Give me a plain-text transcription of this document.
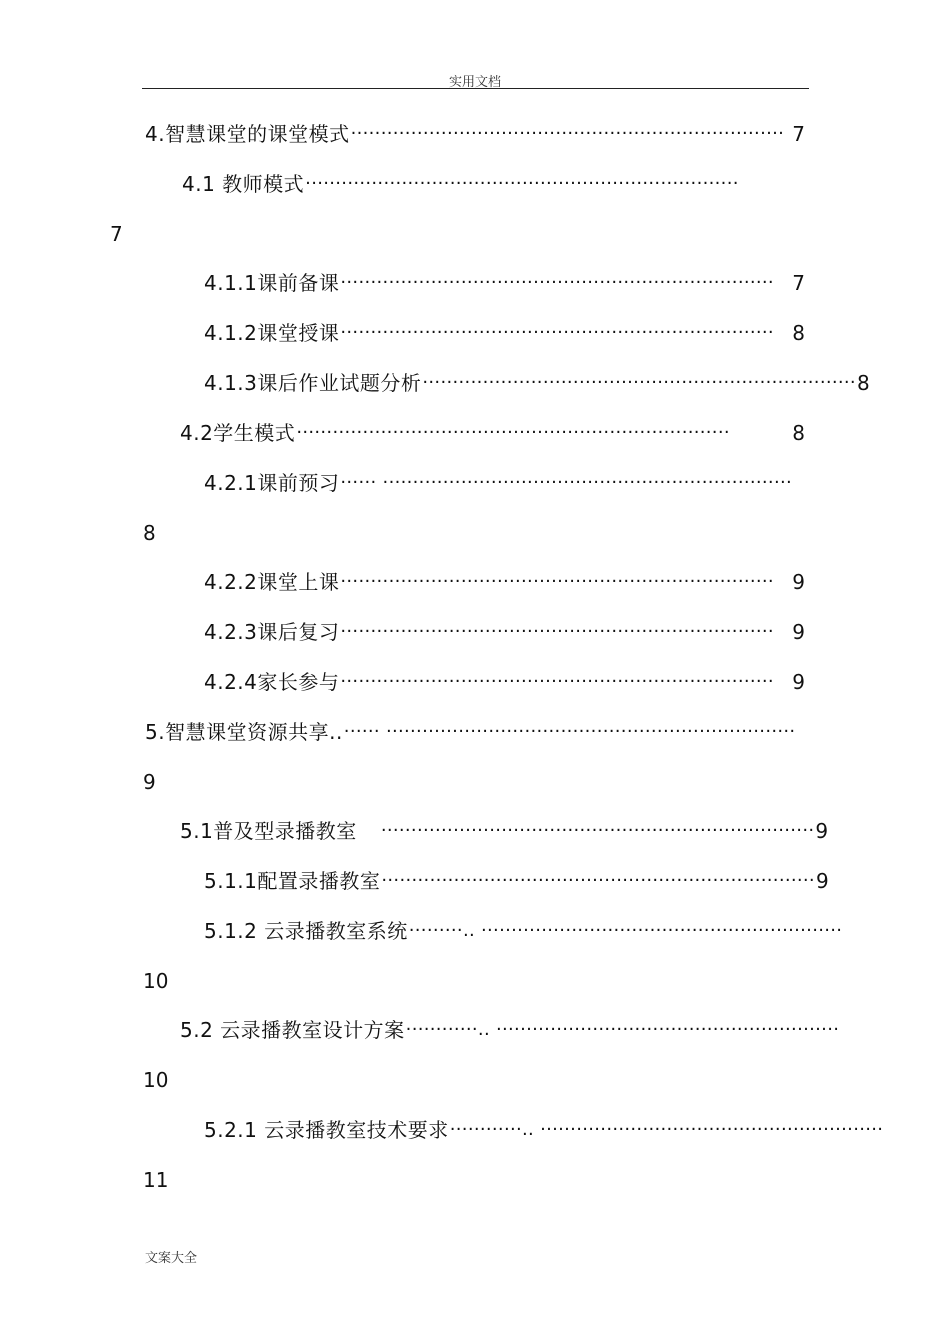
实用文档
4.智慧课堂的课堂模式 ········································································ 7
4.1 教师模式 ········································································
7
4.1.1课前备课 ········································································ 7
4.1.2课堂授课 ········································································ 8
4.1.3课后作业试题分析 ········································································ 8
4.2学生模式 ········································································	8
4.2.1课前预习 ······ ····································································
8
4.2.2课堂上课 ········································································ 9
4.2.3课后复习 ········································································ 9
4.2.4家长参与 ········································································ 9
5.智慧课堂资源共享.. ······ ····································································
9
5.1普及型录播教室 ········································································ 9
5.1.1配置录播教室 ········································································ 9
5.1.2 云录播教室系统 ·········.. ····························································
10
5.2 云录播教室设计方案 ············.. ·························································
10
5.2.1 云录播教室技术要求 ············.. ·························································
11
文案大全
